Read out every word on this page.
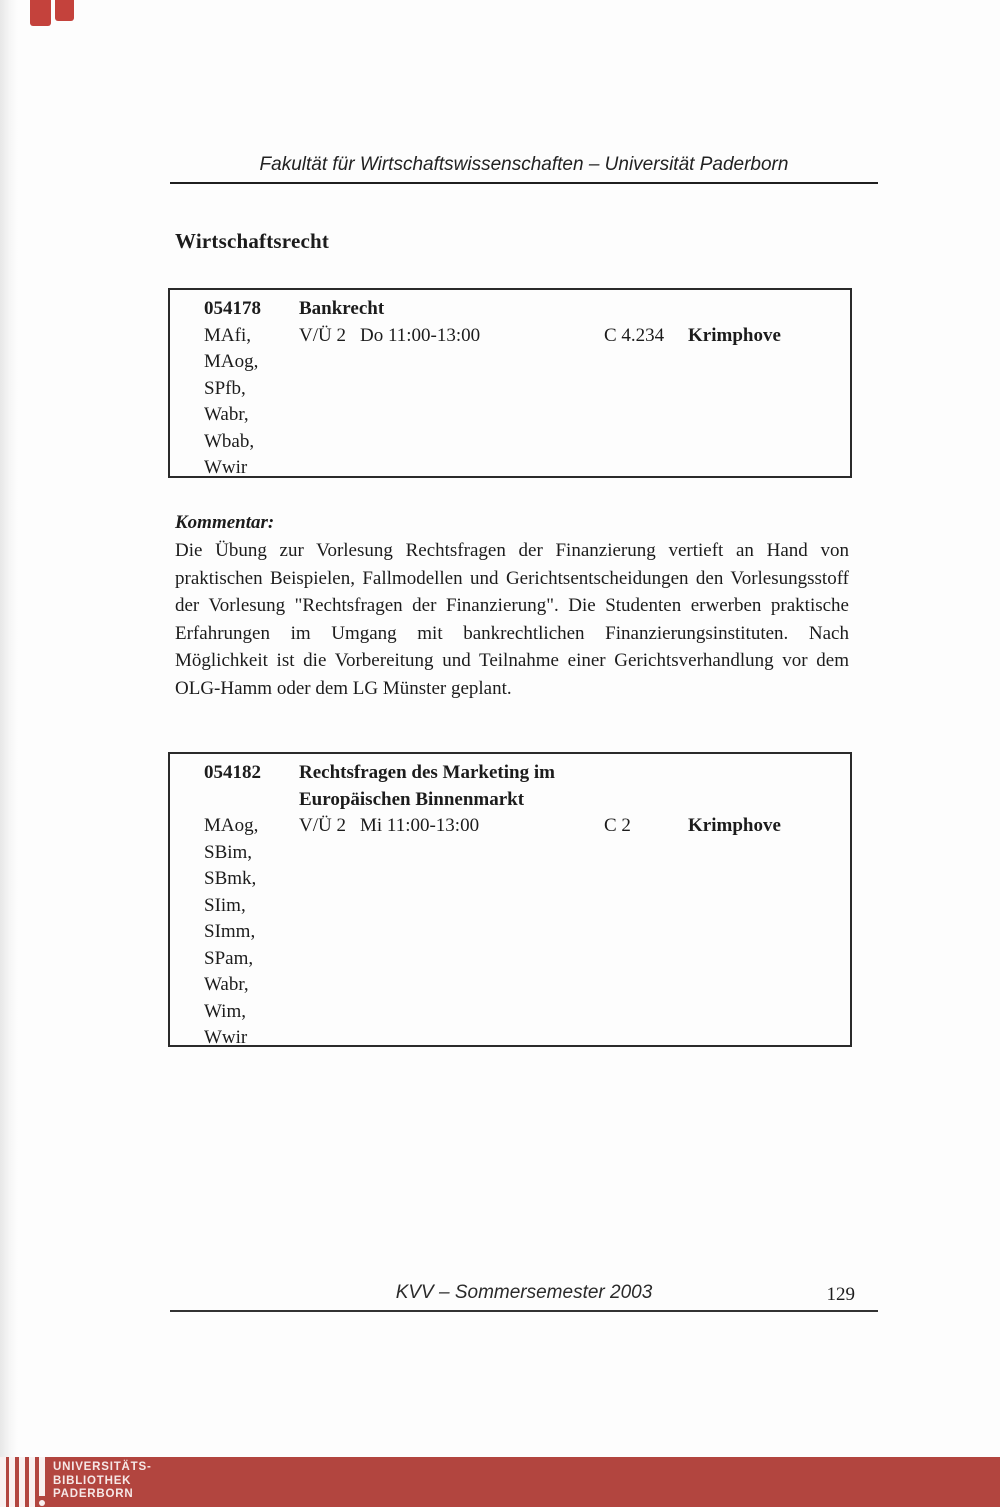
Fakultät für Wirtschaftswissenschaften – Universität Paderborn
Wirtschaftsrecht
054178	Bankrecht
MAfi,	V/Ü 2 Do 11:00-13:00	C 4.234	Krimphove
MAog,
SPfb,
Wabr,
Wbab,
Wwir
Kommentar:

Die Übung zur Vorlesung Rechtsfragen der Finanzierung vertieft an Hand von praktischen Beispielen, Fallmodellen und Gerichtsentscheidungen den Vorlesungsstoff der Vorlesung "Rechtsfragen der Finanzierung". Die Studenten erwerben praktische Erfahrungen im Umgang mit bankrechtlichen Finanzierungsinstituten. Nach Möglichkeit ist die Vorbereitung und Teilnahme einer Gerichtsverhandlung vor dem OLG-Hamm oder dem LG Münster geplant.

054182	Rechtsfragen des Marketing im
Europäischen Binnenmarkt
MAog,	V/Ü 2 Mi 11:00-13:00	C 2	Krimphove
SBim,
SBmk,
SIim,
SImm,
SPam,
Wabr,
Wim,
Wwir
KVV – Sommersemester 2003	129
UNIVERSITÄTS-
BIBLIOTHEK
PADERBORN
